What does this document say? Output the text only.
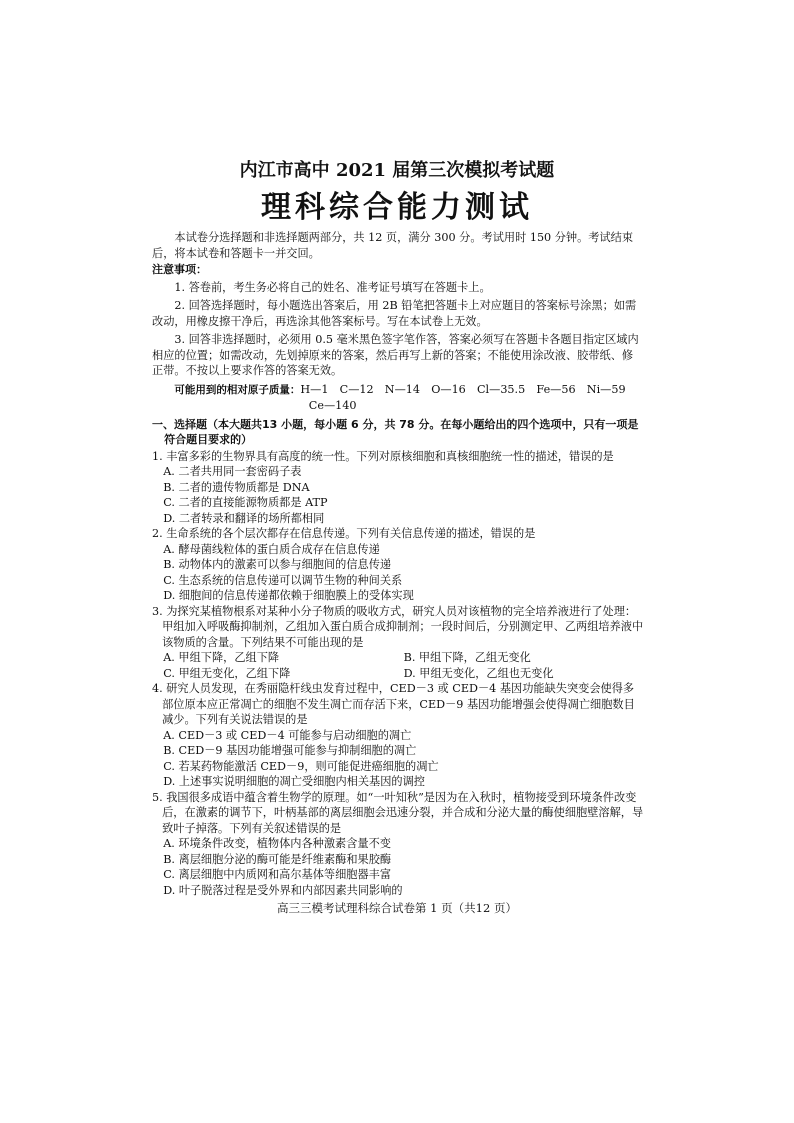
内江市高中 2021 届第三次模拟考试题
理科综合能力测试

本试卷分选择题和非选择题两部分，共 12 页，满分 300 分。考试用时 150 分钟。考试结束后，将本试卷和答题卡一并交回。

注意事项：

1. 答卷前，考生务必将自己的姓名、准考证号填写在答题卡上。

2. 回答选择题时，每小题选出答案后，用 2B 铅笔把答题卡上对应题目的答案标号涂黑；如需改动，用橡皮擦干净后，再选涂其他答案标号。写在本试卷上无效。

3. 回答非选择题时，必须用 0.5 毫米黑色签字笔作答，答案必须写在答题卡各题目指定区域内相应的位置；如需改动，先划掉原来的答案，然后再写上新的答案；不能使用涂改液、胶带纸、修正带。不按以上要求作答的答案无效。

可能用到的相对原子质量：H—1　C—12　N—14　O—16　Cl—35.5　Fe—56　Ni—59
Ce—140

一、选择题（本大题共13 小题，每小题 6 分，共 78 分。在每小题给出的四个选项中，只有一项是符合题目要求的）

1. 丰富多彩的生物界具有高度的统一性。下列对原核细胞和真核细胞统一性的描述，错误的是

A. 二者共用同一套密码子表

B. 二者的遗传物质都是 DNA

C. 二者的直接能源物质都是 ATP

D. 二者转录和翻译的场所都相同

2. 生命系统的各个层次都存在信息传递。下列有关信息传递的描述，错误的是

A. 酵母菌线粒体的蛋白质合成存在信息传递

B. 动物体内的激素可以参与细胞间的信息传递

C. 生态系统的信息传递可以调节生物的种间关系

D. 细胞间的信息传递都依赖于细胞膜上的受体实现

3. 为探究某植物根系对某种小分子物质的吸收方式，研究人员对该植物的完全培养液进行了处理：甲组加入呼吸酶抑制剂，乙组加入蛋白质合成抑制剂；一段时间后，分别测定甲、乙两组培养液中该物质的含量。下列结果不可能出现的是

A. 甲组下降，乙组下降	B. 甲组下降，乙组无变化
C. 甲组无变化，乙组下降	D. 甲组无变化，乙组也无变化

4. 研究人员发现，在秀丽隐杆线虫发育过程中，CED－3 或 CED－4 基因功能缺失突变会使得多部位原本应正常凋亡的细胞不发生凋亡而存活下来，CED－9 基因功能增强会使得凋亡细胞数目减少。下列有关说法错误的是

A. CED－3 或 CED－4 可能参与启动细胞的凋亡

B. CED－9 基因功能增强可能参与抑制细胞的凋亡

C. 若某药物能激活 CED－9，则可能促进癌细胞的凋亡

D. 上述事实说明细胞的凋亡受细胞内相关基因的调控

5. 我国很多成语中蕴含着生物学的原理。如“一叶知秋”是因为在入秋时，植物接受到环境条件改变后，在激素的调节下，叶柄基部的离层细胞会迅速分裂，并合成和分泌大量的酶使细胞壁溶解，导致叶子掉落。下列有关叙述错误的是

A. 环境条件改变，植物体内各种激素含量不变

B. 离层细胞分泌的酶可能是纤维素酶和果胶酶

C. 离层细胞中内质网和高尔基体等细胞器丰富

D. 叶子脱落过程是受外界和内部因素共同影响的

高三三模考试理科综合试卷第 1 页（共12 页）
